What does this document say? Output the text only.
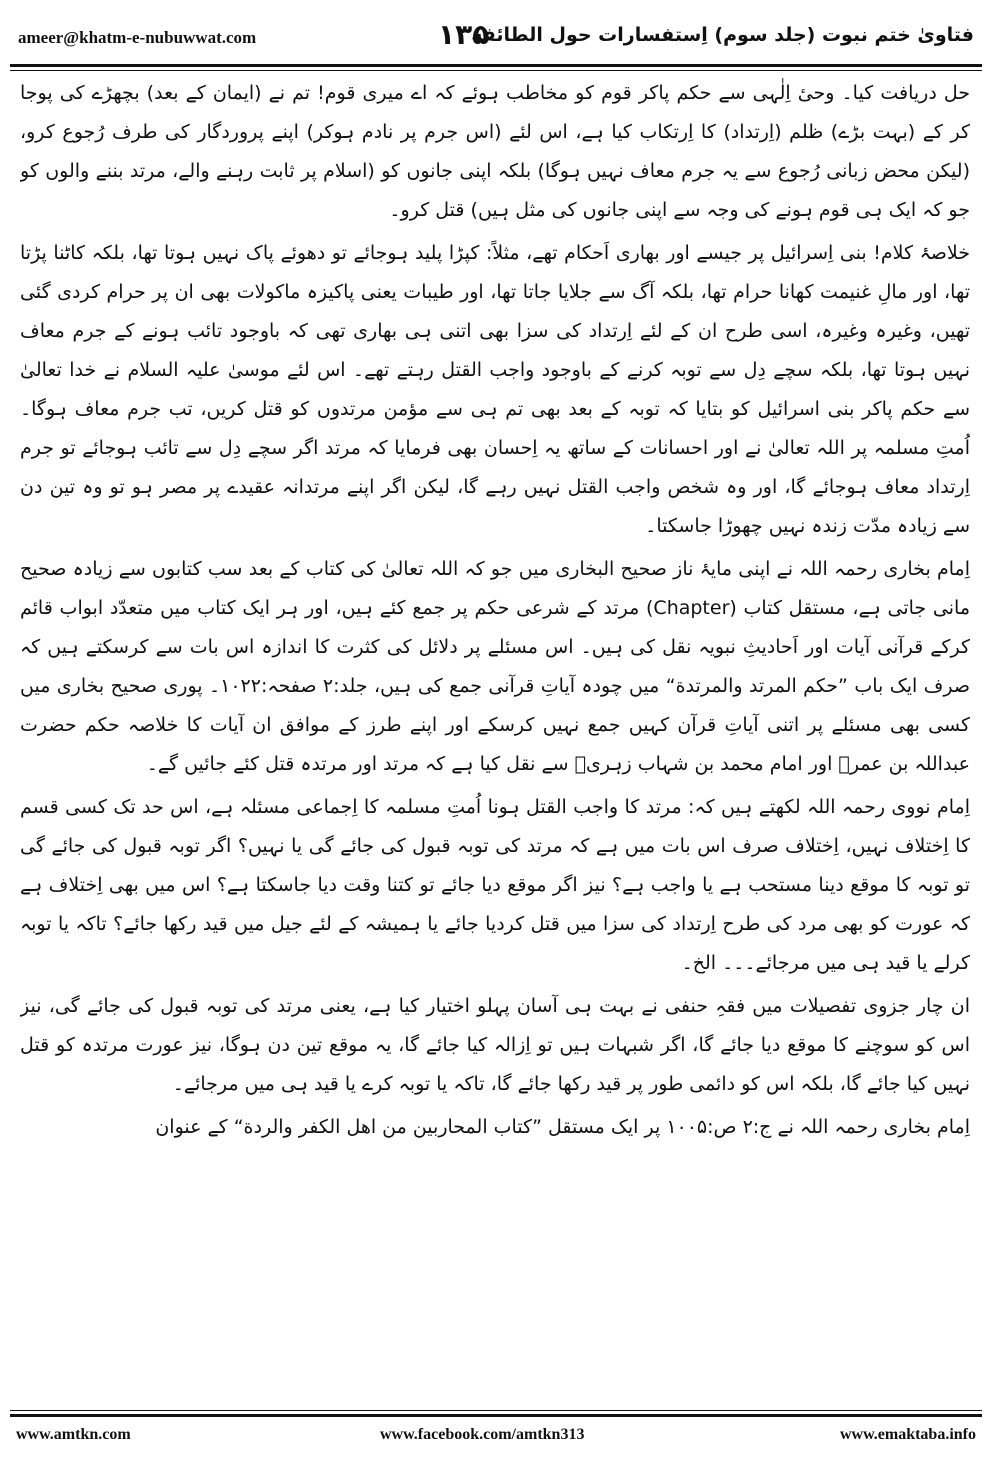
ameer@khatm-e-nubuwwat.com	۱۳۵
فتاویٰ ختم نبوت (جلد سوم) اِستفسارات حول الطائفة

حل دریافت کیا۔ وحیٔ اِلٰہی سے حکم پاکر قوم کو مخاطب ہوئے کہ اے میری قوم! تم نے (ایمان کے بعد) بچھڑے کی پوجا کر کے (بہت بڑے) ظلم (اِرتداد) کا اِرتکاب کیا ہے، اس لئے (اس جرم پر نادم ہوکر) اپنے پروردگار کی طرف رُجوع کرو، (لیکن محض زبانی رُجوع سے یہ جرم معاف نہیں ہوگا) بلکہ اپنی جانوں کو (اسلام پر ثابت رہنے والے، مرتد بننے والوں کو جو کہ ایک ہی قوم ہونے کی وجہ سے اپنی جانوں کی مثل ہیں) قتل کرو۔

خلاصۂ کلام! بنی اِسرائیل پر جیسے اور بھاری اَحکام تھے، مثلاً: کپڑا پلید ہوجائے تو دھوئے پاک نہیں ہوتا تھا، بلکہ کاٹنا پڑتا تھا، اور مالِ غنیمت کھانا حرام تھا، بلکہ آگ سے جلایا جاتا تھا، اور طیبات یعنی پاکیزہ ماکولات بھی ان پر حرام کردی گئی تھیں، وغیرہ وغیرہ، اسی طرح ان کے لئے اِرتداد کی سزا بھی اتنی ہی بھاری تھی کہ باوجود تائب ہونے کے جرم معاف نہیں ہوتا تھا، بلکہ سچے دِل سے توبہ کرنے کے باوجود واجب القتل رہتے تھے۔ اس لئے موسیٰ علیہ السلام نے خدا تعالیٰ سے حکم پاکر بنی اسرائیل کو بتایا کہ توبہ کے بعد بھی تم ہی سے مؤمن مرتدوں کو قتل کریں، تب جرم معاف ہوگا۔ اُمتِ مسلمہ پر اللہ تعالیٰ نے اور احسانات کے ساتھ یہ اِحسان بھی فرمایا کہ مرتد اگر سچے دِل سے تائب ہوجائے تو جرم اِرتداد معاف ہوجائے گا، اور وہ شخص واجب القتل نہیں رہے گا، لیکن اگر اپنے مرتدانہ عقیدے پر مصر ہو تو وہ تین دن سے زیادہ مدّت زندہ نہیں چھوڑا جاسکتا۔

اِمام بخاری رحمہ اللہ نے اپنی مایۂ ناز صحیح البخاری میں جو کہ اللہ تعالیٰ کی کتاب کے بعد سب کتابوں سے زیادہ صحیح مانی جاتی ہے، مستقل کتاب (Chapter) مرتد کے شرعی حکم پر جمع کئے ہیں، اور ہر ایک کتاب میں متعدّد ابواب قائم کرکے قرآنی آیات اور اَحادیثِ نبویہ نقل کی ہیں۔ اس مسئلے پر دلائل کی کثرت کا اندازہ اس بات سے کرسکتے ہیں کہ صرف ایک باب ”حکم المرتد والمرتدة“ میں چودہ آیاتِ قرآنی جمع کی ہیں، جلد:۲ صفحہ:۱۰۲۲۔ پوری صحیح بخاری میں کسی بھی مسئلے پر اتنی آیاتِ قرآن کہیں جمع نہیں کرسکے اور اپنے طرز کے موافق ان آیات کا خلاصہ حکم حضرت عبداللہ بن عمرؓ اور امام محمد بن شہاب زہریؒ سے نقل کیا ہے کہ مرتد اور مرتدہ قتل کئے جائیں گے۔

اِمام نووی رحمہ اللہ لکھتے ہیں کہ: مرتد کا واجب القتل ہونا اُمتِ مسلمہ کا اِجماعی مسئلہ ہے، اس حد تک کسی قسم کا اِختلاف نہیں، اِختلاف صرف اس بات میں ہے کہ مرتد کی توبہ قبول کی جائے گی یا نہیں؟ اگر توبہ قبول کی جائے گی تو توبہ کا موقع دینا مستحب ہے یا واجب ہے؟ نیز اگر موقع دیا جائے تو کتنا وقت دیا جاسکتا ہے؟ اس میں بھی اِختلاف ہے کہ عورت کو بھی مرد کی طرح اِرتداد کی سزا میں قتل کردیا جائے یا ہمیشہ کے لئے جیل میں قید رکھا جائے؟ تاکہ یا توبہ کرلے یا قید ہی میں مرجائے۔۔۔ الخ۔

ان چار جزوی تفصیلات میں فقہِ حنفی نے بہت ہی آسان پہلو اختیار کیا ہے، یعنی مرتد کی توبہ قبول کی جائے گی، نیز اس کو سوچنے کا موقع دیا جائے گا، اگر شبہات ہیں تو اِزالہ کیا جائے گا، یہ موقع تین دن ہوگا، نیز عورت مرتدہ کو قتل نہیں کیا جائے گا، بلکہ اس کو دائمی طور پر قید رکھا جائے گا، تاکہ یا توبہ کرے یا قید ہی میں مرجائے۔

اِمام بخاری رحمہ اللہ نے ج:۲ ص:۱۰۰۵ پر ایک مستقل ”کتاب المحاربین من اھل الکفر والردة“ کے عنوان

www.amtkn.com	www.facebook.com/amtkn313	www.emaktaba.info
